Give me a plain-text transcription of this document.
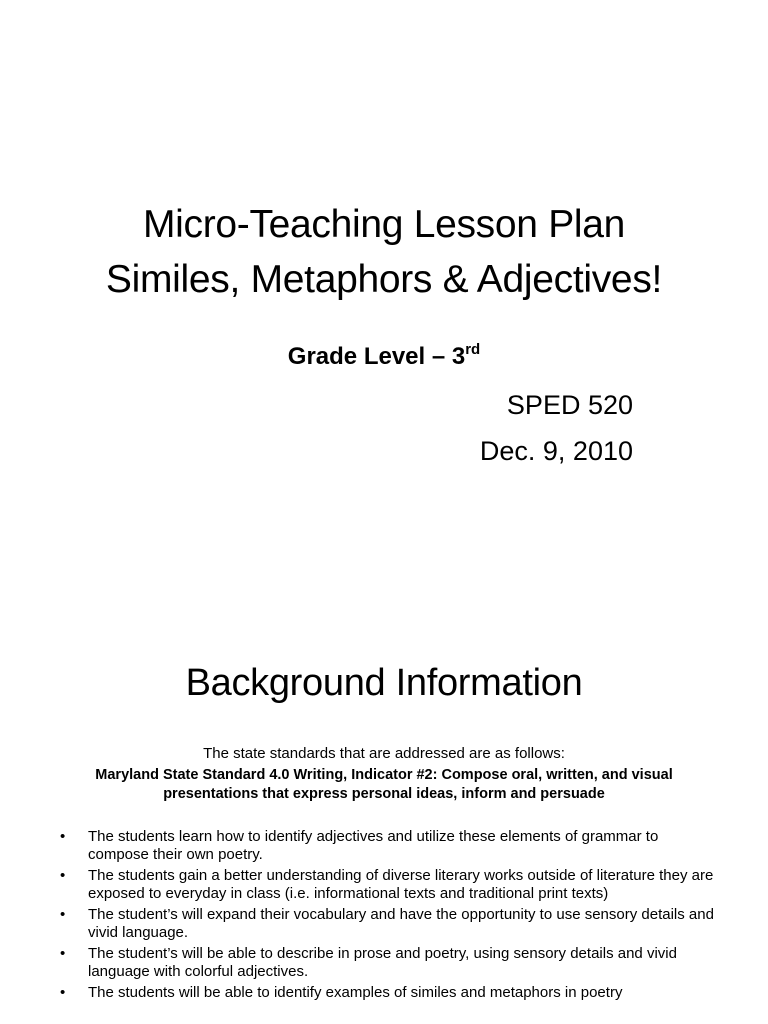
Micro-Teaching Lesson Plan
Similes, Metaphors & Adjectives!
Grade Level – 3rd
SPED 520
Dec. 9, 2010
Background Information
The state standards that are addressed are as follows:
Maryland State Standard 4.0 Writing, Indicator #2: Compose oral, written, and visual presentations that express personal ideas, inform and persuade
• The students learn how to identify adjectives and utilize these elements of grammar to compose their own poetry.
• The students gain a better understanding of diverse literary works outside of literature they are exposed to everyday in class (i.e. informational texts and traditional print texts)
• The student’s will expand their vocabulary and have the opportunity to use sensory details and vivid language.
• The student’s will be able to describe in prose and poetry, using sensory details and vivid language with colorful adjectives.
• The students will be able to identify examples of similes and metaphors in poetry
